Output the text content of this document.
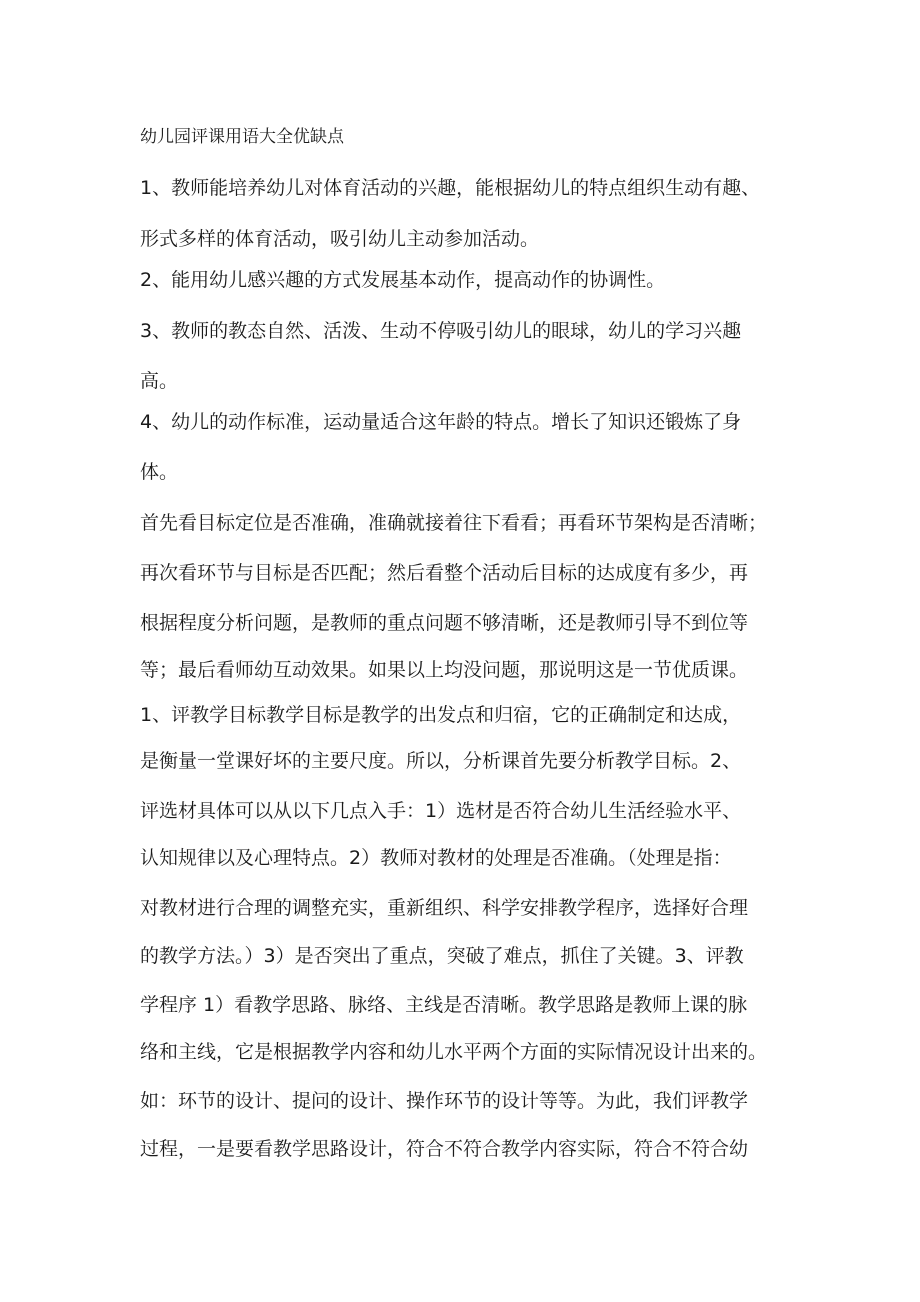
幼儿园评课用语大全优缺点
1、教师能培养幼儿对体育活动的兴趣，能根据幼儿的特点组织生动有趣、
形式多样的体育活动，吸引幼儿主动参加活动。
2、能用幼儿感兴趣的方式发展基本动作，提高动作的协调性。
3、教师的教态自然、活泼、生动不停吸引幼儿的眼球，幼儿的学习兴趣
高。
4、幼儿的动作标准，运动量适合这年龄的特点。增长了知识还锻炼了身
体。
首先看目标定位是否准确，准确就接着往下看看；再看环节架构是否清晰；
再次看环节与目标是否匹配；然后看整个活动后目标的达成度有多少，再
根据程度分析问题，是教师的重点问题不够清晰，还是教师引导不到位等
等；最后看师幼互动效果。如果以上均没问题，那说明这是一节优质课。
1、评教学目标教学目标是教学的出发点和归宿，它的正确制定和达成，
是衡量一堂课好坏的主要尺度。所以，分析课首先要分析教学目标。2、
评选材具体可以从以下几点入手：1）选材是否符合幼儿生活经验水平、
认知规律以及心理特点。2）教师对教材的处理是否准确。（处理是指：
对教材进行合理的调整充实，重新组织、科学安排教学程序，选择好合理
的教学方法。）3）是否突出了重点，突破了难点，抓住了关键。3、评教
学程序 1）看教学思路、脉络、主线是否清晰。教学思路是教师上课的脉
络和主线，它是根据教学内容和幼儿水平两个方面的实际情况设计出来的。
如：环节的设计、提问的设计、操作环节的设计等等。为此，我们评教学
过程，一是要看教学思路设计，符合不符合教学内容实际，符合不符合幼
